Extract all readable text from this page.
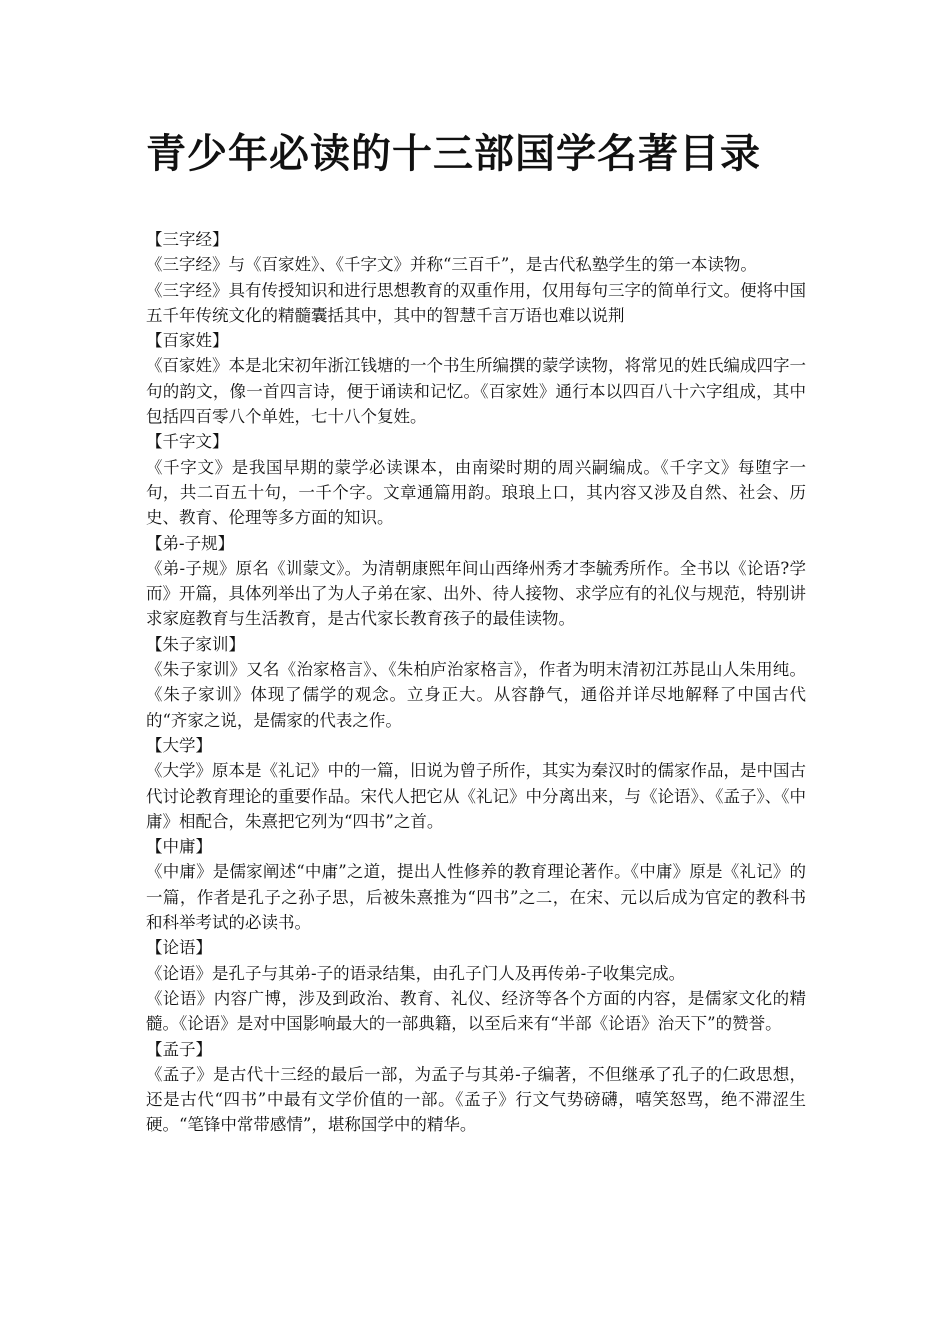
青少年必读的十三部国学名著目录

【三字经】

《三字经》与《百家姓》、《千字文》并称“三百千”，是古代私塾学生的第一本读物。

《三字经》具有传授知识和进行思想教育的双重作用，仅用每句三字的简单行文。便将中国五千年传统文化的精髓囊括其中，其中的智慧千言万语也难以说荆

【百家姓】

《百家姓》本是北宋初年浙江钱塘的一个书生所编撰的蒙学读物，将常见的姓氏编成四字一句的韵文，像一首四言诗，便于诵读和记忆。《百家姓》通行本以四百八十六字组成，其中包括四百零八个单姓，七十八个复姓。

【千字文】

《千字文》是我国早期的蒙学必读课本，由南梁时期的周兴嗣编成。《千字文》每堕字一句，共二百五十句，一千个字。文章通篇用韵。琅琅上口，其内容又涉及自然、社会、历史、教育、伦理等多方面的知识。

【弟-子规】

《弟-子规》原名《训蒙文》。为清朝康熙年间山西绛州秀才李毓秀所作。全书以《论语?学而》开篇，具体列举出了为人子弟在家、出外、待人接物、求学应有的礼仪与规范，特别讲求家庭教育与生活教育，是古代家长教育孩子的最佳读物。

【朱子家训】

《朱子家训》又名《治家格言》、《朱柏庐治家格言》，作者为明末清初江苏昆山人朱用纯。《朱子家训》体现了儒学的观念。立身正大。从容静气，通俗并详尽地解释了中国古代的“齐家之说，是儒家的代表之作。

【大学】

《大学》原本是《礼记》中的一篇，旧说为曾子所作，其实为秦汉时的儒家作品，是中国古代讨论教育理论的重要作品。宋代人把它从《礼记》中分离出来，与《论语》、《孟子》、《中庸》相配合，朱熹把它列为“四书”之首。

【中庸】

《中庸》是儒家阐述“中庸”之道，提出人性修养的教育理论著作。《中庸》原是《礼记》的一篇，作者是孔子之孙子思，后被朱熹推为“四书”之二，在宋、元以后成为官定的教科书和科举考试的必读书。

【论语】

《论语》是孔子与其弟-子的语录结集，由孔子门人及再传弟-子收集完成。

《论语》内容广博，涉及到政治、教育、礼仪、经济等各个方面的内容，是儒家文化的精髓。《论语》是对中国影响最大的一部典籍，以至后来有“半部《论语》治天下”的赞誉。

【孟子】

《孟子》是古代十三经的最后一部，为孟子与其弟-子编著，不但继承了孔子的仁政思想，还是古代“四书”中最有文学价值的一部。《孟子》行文气势磅礴，嘻笑怒骂，绝不滞涩生硬。“笔锋中常带感情”，堪称国学中的精华。
